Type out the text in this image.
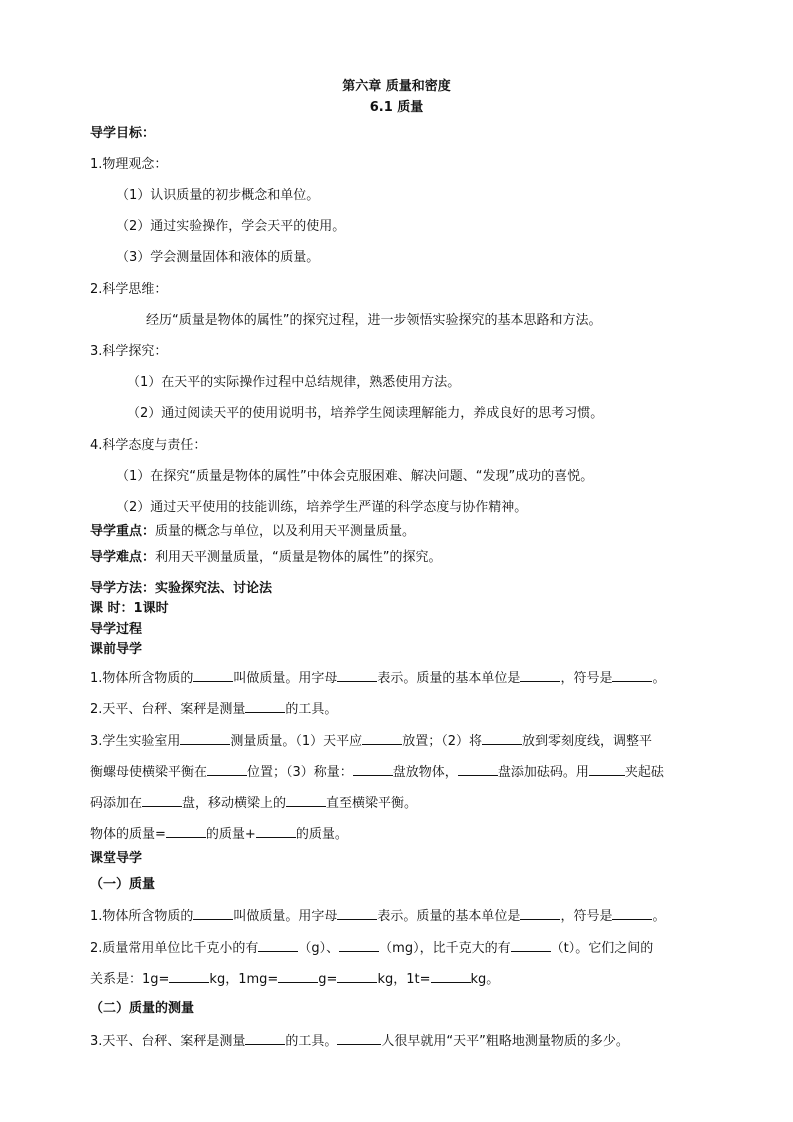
第六章 质量和密度
6.1 质量
导学目标：
1.物理观念：
（1）认识质量的初步概念和单位。
（2）通过实验操作，学会天平的使用。
（3）学会测量固体和液体的质量。
2.科学思维：
经历“质量是物体的属性”的探究过程，进一步领悟实验探究的基本思路和方法。
3.科学探究：
（1）在天平的实际操作过程中总结规律，熟悉使用方法。
（2）通过阅读天平的使用说明书，培养学生阅读理解能力，养成良好的思考习惯。
4.科学态度与责任：
（1）在探究“质量是物体的属性”中体会克服困难、解决问题、“发现”成功的喜悦。
（2）通过天平使用的技能训练，培养学生严谨的科学态度与协作精神。
导学重点：质量的概念与单位，以及利用天平测量质量。
导学难点：利用天平测量质量，“质量是物体的属性”的探究。
导学方法：实验探究法、讨论法
课 时：1课时
导学过程
课前导学
1.物体所含物质的	叫做质量。用字母	表示。质量的基本单位是	，符号是	。
2.天平、台秤、案秤是测量	的工具。
3.学生实验室用	测量质量。（1）天平应	放置；（2）将	放到零刻度线，调整平
衡螺母使横梁平衡在	位置；（3）称量：	盘放物体，	盘添加砝码。用	夹起砝
码添加在	盘，移动横梁上的	直至横梁平衡。
物体的质量=	的质量+	的质量。
课堂导学
（一）质量
1.物体所含物质的	叫做质量。用字母	表示。质量的基本单位是	，符号是	。
2.质量常用单位比千克小的有	（g）、	（mg），比千克大的有	（t）。它们之间的
关系是：1g=	kg，1mg=	g=	kg，1t=	kg。
（二）质量的测量
3.天平、台秤、案秤是测量	的工具。	人很早就用“天平”粗略地测量物质的多少。
